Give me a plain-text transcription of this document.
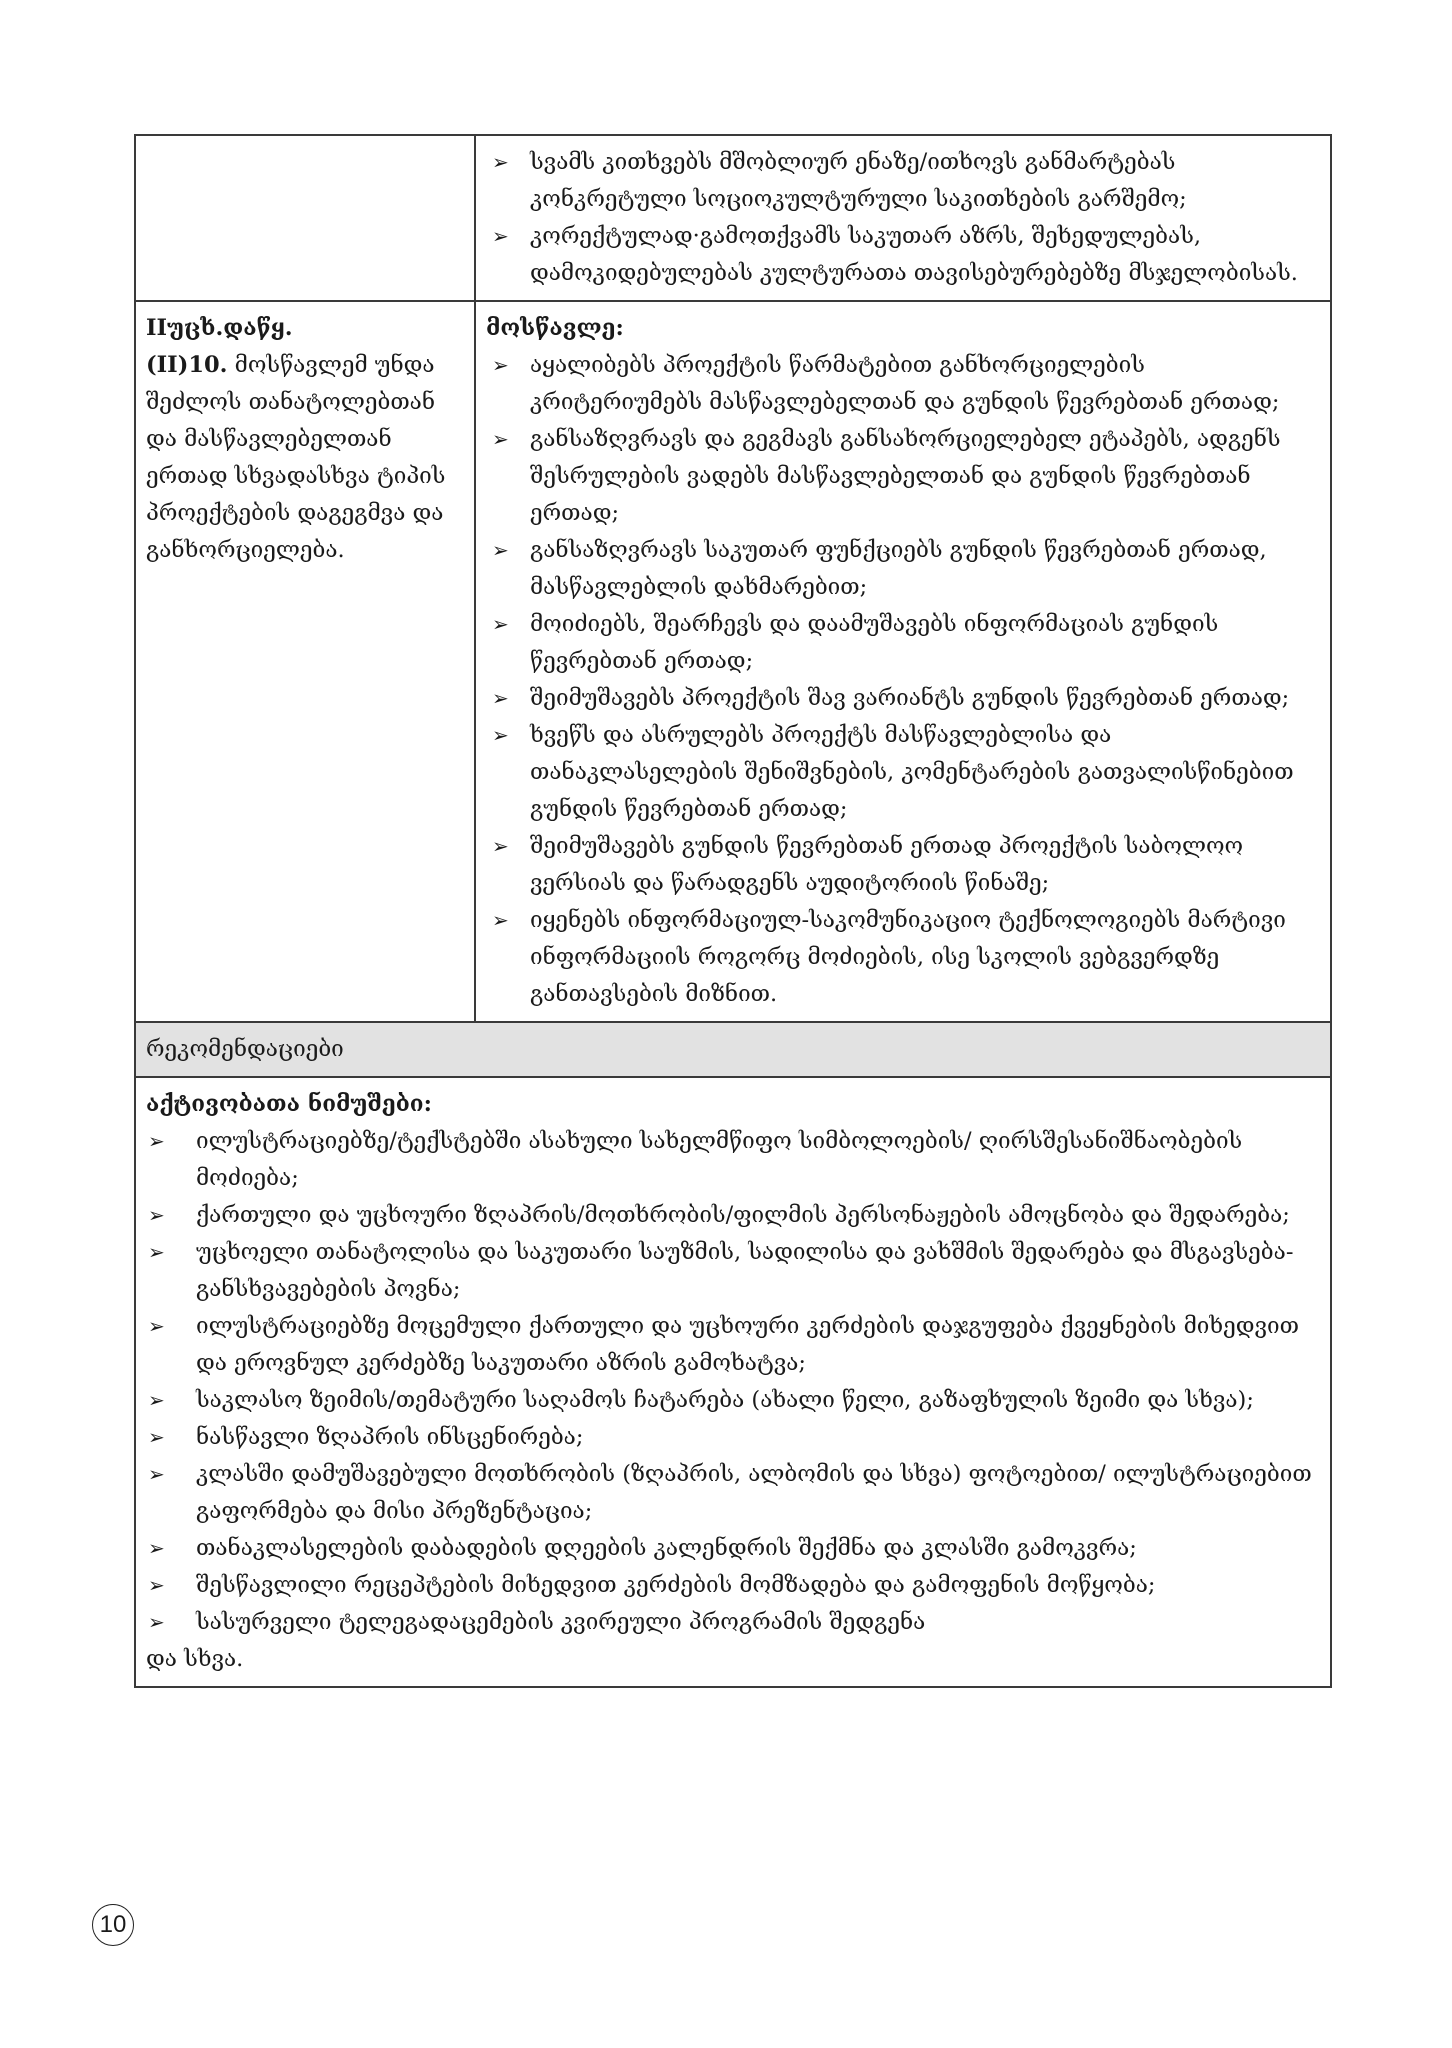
➢ სვამს კითხვებს მშობლიურ ენაზე/ითხოვს განმარტებას კონკრეტული სოციოკულტურული საკითხების გარშემო;
➢ კორექტულად·გამოთქვამს საკუთარ აზრს, შეხედულებას, დამოკიდებულებას კულტურათა თავისებურებებზე მსჯელობისას.
IIუცხ.დაწყ.
(II)10. მოსწავლემ უნდა შეძლოს თანატოლებთან და მასწავლებელთან ერთად სხვადასხვა ტიპის პროექტების დაგეგმვა და განხორციელება.
მოსწავლე:
➢ აყალიბებს პროექტის წარმატებით განხორციელების კრიტერიუმებს მასწავლებელთან და გუნდის წევრებთან ერთად;
➢ განსაზღვრავს და გეგმავს განსახორციელებელ ეტაპებს, ადგენს შესრულების ვადებს მასწავლებელთან და გუნდის წევრებთან ერთად;
➢ განსაზღვრავს საკუთარ ფუნქციებს გუნდის წევრებთან ერთად, მასწავლებლის დახმარებით;
➢ მოიძიებს, შეარჩევს და დაამუშავებს ინფორმაციას გუნდის წევრებთან ერთად;
➢ შეიმუშავებს პროექტის შავ ვარიანტს გუნდის წევრებთან ერთად;
➢ ხვეწს და ასრულებს პროექტს მასწავლებლისა და თანაკლასელების შენიშვნების, კომენტარების გათვალისწინებით გუნდის წევრებთან ერთად;
➢ შეიმუშავებს გუნდის წევრებთან ერთად პროექტის საბოლოო ვერსიას და წარადგენს აუდიტორიის წინაშე;
➢ იყენებს ინფორმაციულ-საკომუნიკაციო ტექნოლოგიებს მარტივი ინფორმაციის როგორც მოძიების, ისე სკოლის ვებგვერდზე განთავსების მიზნით.
რეკომენდაციები
აქტივობათა ნიმუშები:
➢ ილუსტრაციებზე/ტექსტებში ასახული სახელმწიფო სიმბოლოების/ ღირსშესანიშნაობების მოძიება;
➢ ქართული და უცხოური ზღაპრის/მოთხრობის/ფილმის პერსონაჟების ამოცნობა და შედარება;
➢ უცხოელი თანატოლისა და საკუთარი საუზმის, სადილისა და ვახშმის შედარება და მსგავსება-განსხვავებების პოვნა;
➢ ილუსტრაციებზე მოცემული ქართული და უცხოური კერძების დაჯგუფება ქვეყნების მიხედვით და ეროვნულ კერძებზე საკუთარი აზრის გამოხატვა;
➢ საკლასო ზეიმის/თემატური საღამოს ჩატარება (ახალი წელი, გაზაფხულის ზეიმი და სხვა);
➢ ნასწავლი ზღაპრის ინსცენირება;
➢ კლასში დამუშავებული მოთხრობის (ზღაპრის, ალბომის და სხვა) ფოტოებით/ ილუსტრაციებით გაფორმება და მისი პრეზენტაცია;
➢ თანაკლასელების დაბადების დღეების კალენდრის შექმნა და კლასში გამოკვრა;
➢ შესწავლილი რეცეპტების მიხედვით კერძების მომზადება და გამოფენის მოწყობა;
➢ სასურველი ტელეგადაცემების კვირეული პროგრამის შედგენა
და სხვა.
10
